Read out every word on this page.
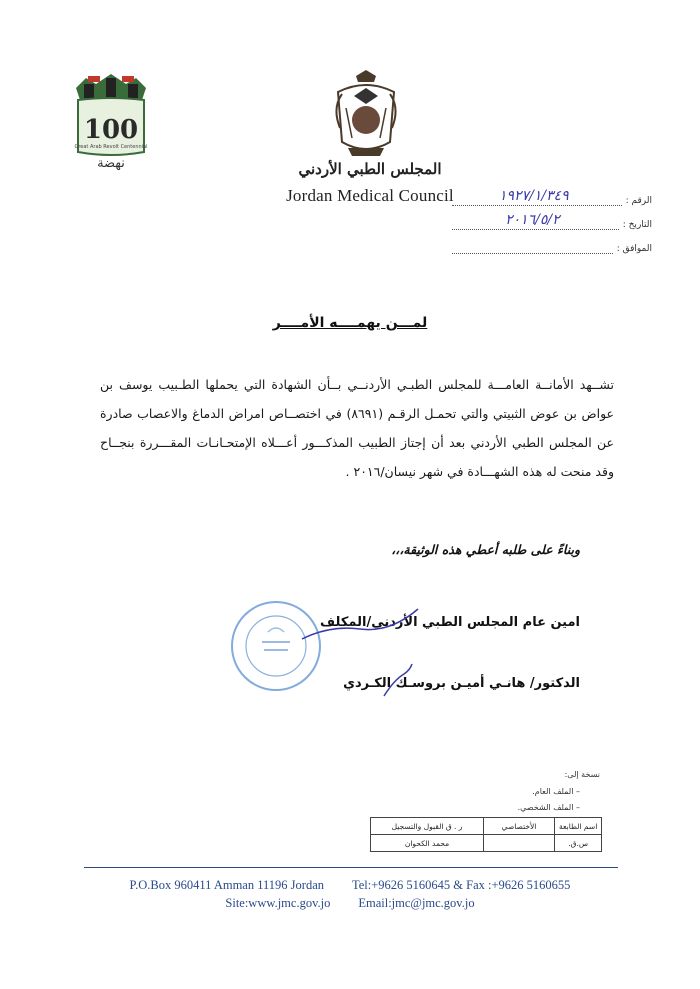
100
Great Arab Revolt Centennial
نهضة	المجلس الطبي الأردني
Jordan Medical Council	الرقم :
١٩٢٧/١/٣٤٩
التاريخ :
٢٠١٦/٥/٢
الموافق :
لمـــن يهمــــه الأمــــر
تشــهد الأمانــة العامـــة للمجلس الطبـي الأردنــي بــأن الشهادة التي يحملها الطـبيب يوسف بن عواض بن عوض الثبيتي والتي تحمـل الرقـم (٨٦٩١) في اختصــاص امراض الدماغ والاعصاب صادرة عن المجلس الطبي الأردني بعد أن إجتاز الطبيب المذكـــور أعـــلاه الإمتحـانـات المقـــررة بنجــاح وقد منحت له هذه الشهـــادة في شهر نيسان/٢٠١٦ .
وبناءً على طلبه أعطي هذه الوثيقة،،،
امين عام المجلس الطبي الأردني/المكلف
الدكتور/ هانـي أميـن بروسـك الكـردي
نسخة إلى:
– الملف العام.
– الملف الشخصي.
اسم الطابعة	الأختصاصي	ر . ق القبول والتسجيل
س.ق.		محمد الكحوان
P.O.Box 960411 Amman 11196 Jordan Tel:+9626 5160645 & Fax :+9626 5160655
Site:www.jmc.gov.jo Email:jmc@jmc.gov.jo
